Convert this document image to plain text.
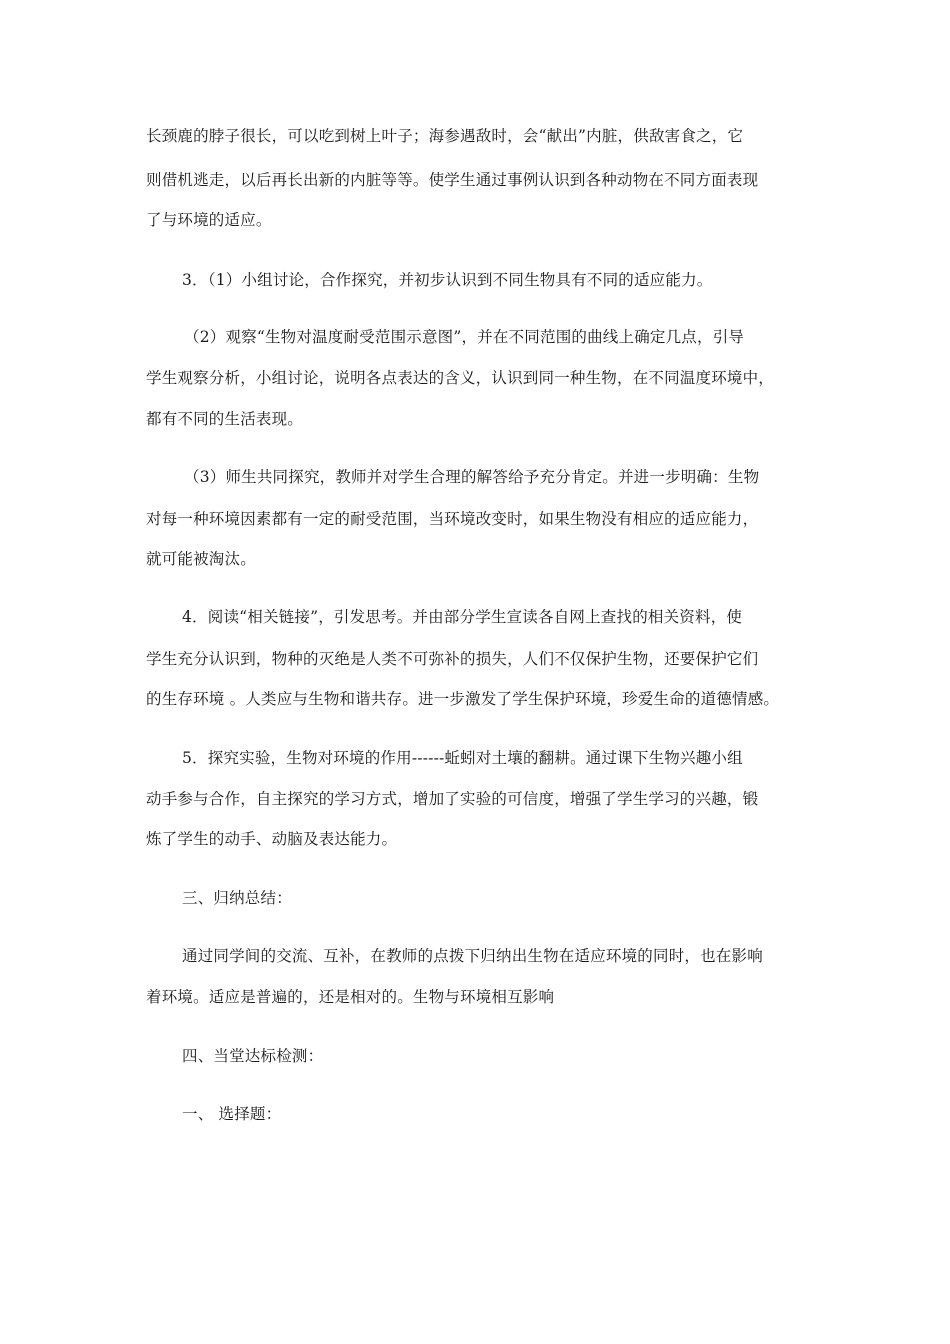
长颈鹿的脖子很长，可以吃到树上叶子；海参遇敌时，会“献出”内脏，供敌害食之，它
则借机逃走，以后再长出新的内脏等等。使学生通过事例认识到各种动物在不同方面表现
了与环境的适应。
3．（1）小组讨论，合作探究，并初步认识到不同生物具有不同的适应能力。
（2）观察“生物对温度耐受范围示意图”，并在不同范围的曲线上确定几点，引导
学生观察分析，小组讨论，说明各点表达的含义，认识到同一种生物，在不同温度环境中，
都有不同的生活表现。
（3）师生共同探究，教师并对学生合理的解答给予充分肯定。并进一步明确：生物
对每一种环境因素都有一定的耐受范围，当环境改变时，如果生物没有相应的适应能力，
就可能被淘汰。
4．阅读“相关链接”，引发思考。并由部分学生宣读各自网上查找的相关资料，使
学生充分认识到，物种的灭绝是人类不可弥补的损失，人们不仅保护生物，还要保护它们
的生存环境 。人类应与生物和谐共存。进一步激发了学生保护环境，珍爱生命的道德情感。
5．探究实验，生物对环境的作用------蚯蚓对土壤的翻耕。通过课下生物兴趣小组
动手参与合作，自主探究的学习方式，增加了实验的可信度，增强了学生学习的兴趣，锻
炼了学生的动手、动脑及表达能力。
三、归纳总结：
通过同学间的交流、互补，在教师的点拨下归纳出生物在适应环境的同时，也在影响
着环境。适应是普遍的，还是相对的。生物与环境相互影响
四、当堂达标检测：
一、 选择题：
